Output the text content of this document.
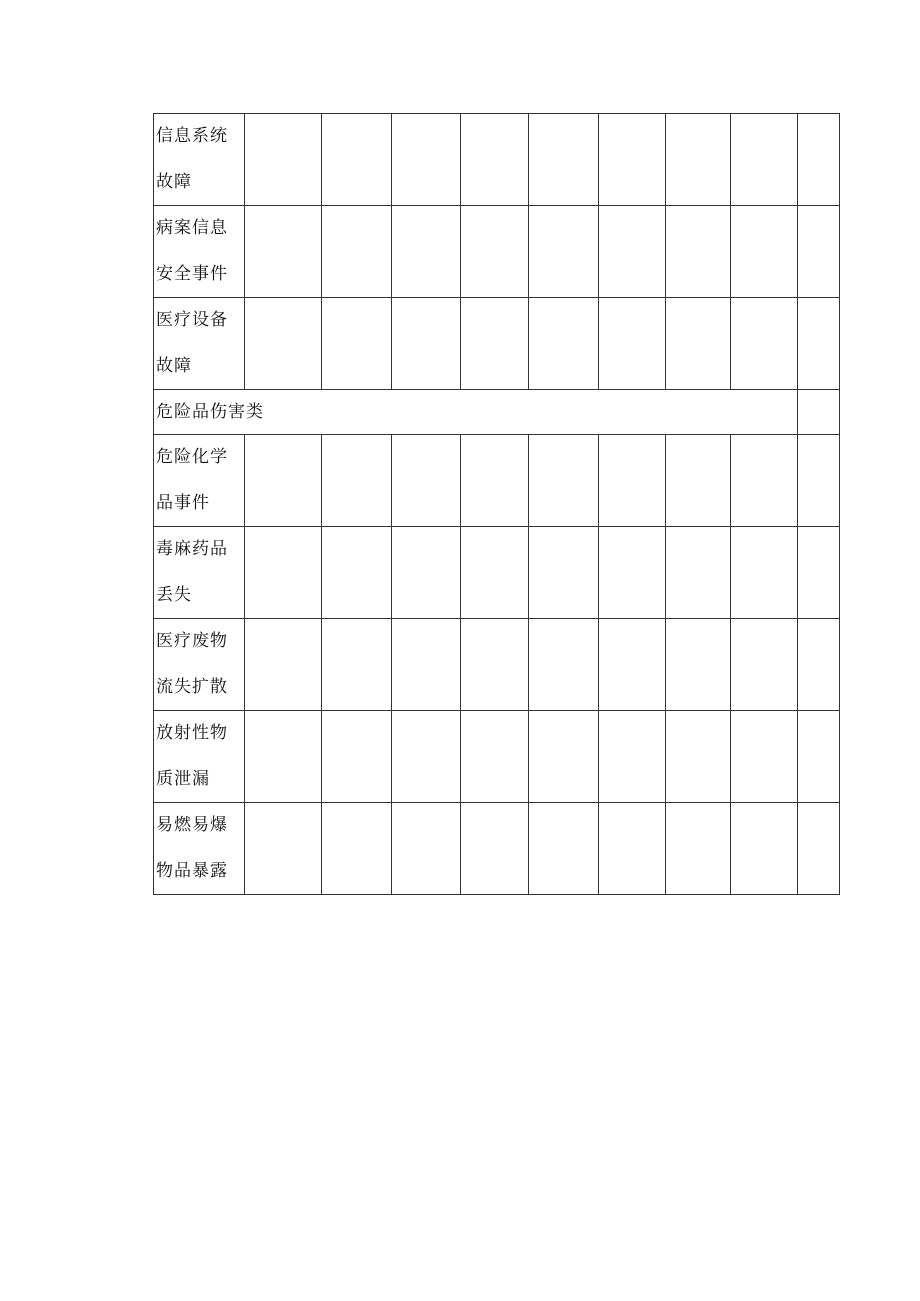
信息系统
故障									

病案信息
安全事件									

医疗设备
故障									

危险品伤害类									

危险化学
品事件									

毒麻药品
丢失									

医疗废物
流失扩散									

放射性物
质泄漏									

易燃易爆
物品暴露									
